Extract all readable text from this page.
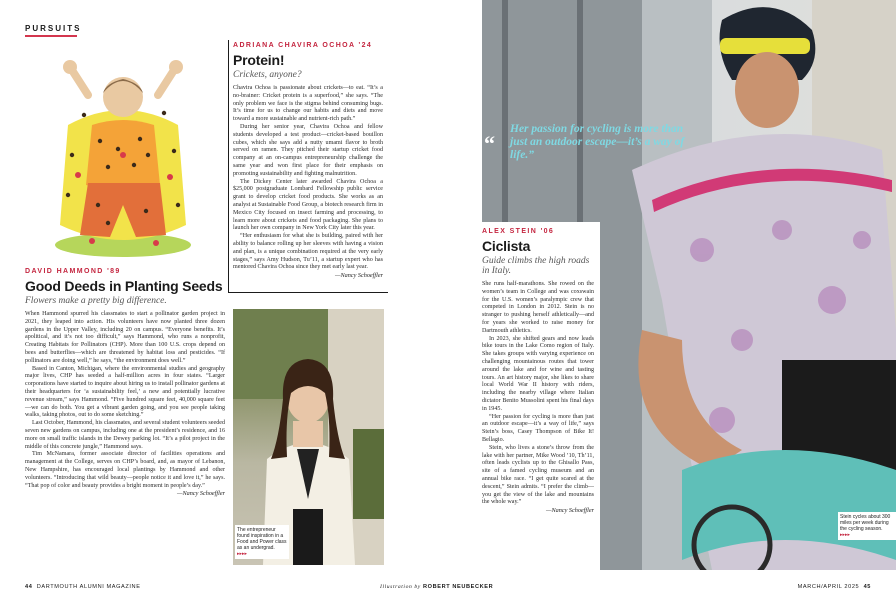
PURSUITS
DAVID HAMMOND '89
Good Deeds in Planting Seeds
Flowers make a pretty big difference.

When Hammond spurred his classmates to start a pollinator garden project in 2021, they leaped into action. His volunteers have now planted three dozen gardens in the Upper Valley, including 20 on campus. “Everyone benefits. It’s apolitical, and it’s not too difficult,” says Hammond, who runs a nonprofit, Creating Habitats for Pollinators (CHP). More than 100 U.S. crops depend on bees and butterflies—which are threatened by habitat loss and pesticides. “If pollinators are doing well,” he says, “the environment does well.”

Based in Canton, Michigan, where the environmental studies and geography major lives, CHP has seeded a half-million acres in four states. “Larger corporations have started to inquire about hiring us to install pollinator gardens at their headquarters for ‘a sustainability feel,’ a new and potentially lucrative revenue stream,” says Hammond. “Five hundred square feet, 40,000 square feet—we can do both. You get a vibrant garden going, and you see people taking walks, taking photos, out to do some sketching.”

Last October, Hammond, his classmates, and several student volunteers seeded seven new gardens on campus, including one at the president’s residence, and 16 more on small traffic islands in the Dewey parking lot. “It’s a pilot project in the middle of this concrete jungle,” Hammond says.

Tim McNamara, former associate director of facilities operations and management at the College, serves on CHP’s board, and, as mayor of Lebanon, New Hampshire, has encouraged local plantings by Hammond and other volunteers. “Introducing that wild beauty—people notice it and love it,” he says. “That pop of color and beauty provides a bright moment in people’s day.”

—Nancy Schoeffler
ADRIANA CHAVIRA OCHOA '24
Protein!
Crickets, anyone?

Chavira Ochoa is passionate about crickets—to eat. “It’s a no-brainer: Cricket protein is a superfood,” she says. “The only problem we face is the stigma behind consuming bugs. It’s time for us to change our habits and diets and move toward a more sustainable and nutrient-rich path.”

During her senior year, Chavira Ochoa and fellow students developed a test product—cricket-based bouillon cubes, which she says add a nutty umami flavor to broth served on ramen. They pitched their startup cricket food company at an on-campus entrepreneurship challenge the same year and won first place for their emphasis on promoting sustainability and fighting malnutrition.

The Dickey Center later awarded Chavira Ochoa a $25,000 postgraduate Lombard Fellowship public service grant to develop cricket food products. She works as an analyst at Sustainable Food Group, a biotech research firm in Mexico City focused on insect farming and processing, to learn more about crickets and food packaging. She plans to launch her own company in New York City later this year.

“Her enthusiasm for what she is building, paired with her ability to balance rolling up her sleeves with having a vision and plan, is a unique combination required at the very early stages,” says Amy Hudson, Tu’11, a startup expert who has mentored Chavira Ochoa since they met early last year.

—Nancy Schoeffler
The entrepreneur found inspiration in a Food and Power class as an undergrad.
▸▸▸▸
Stein cycles about 300 miles per week during the cycling season.
▸▸▸▸
“
Her passion for cycling is more than just an outdoor escape—it’s a way of life.”
ALEX STEIN '06
Ciclista
Guide climbs the high roads in Italy.

She runs half-marathons. She rowed on the women’s team in College and was coxswain for the U.S. women’s paralympic crew that competed in London in 2012. Stein is no stranger to pushing herself athletically—and for years she worked to raise money for Dartmouth athletics.

In 2023, she shifted gears and now leads bike tours in the Lake Como region of Italy. She takes groups with varying experience on challenging mountainous routes that tower around the lake and for wine and tasting tours. An art history major, she likes to share local World War II history with riders, including the nearby village where Italian dictator Benito Mussolini spent his final days in 1945.

“Her passion for cycling is more than just an outdoor escape—it’s a way of life,” says Stein’s boss, Casey Thompson of Bike It! Bellagio.

Stein, who lives a stone’s throw from the lake with her partner, Mike Wood ’10, Th’11, often leads cyclists up to the Ghisallo Pass, site of a famed cycling museum and an annual bike race. “I get quite scared at the descent,” Stein admits. “I prefer the climb—you get the view of the lake and mountains the whole way.”

—Nancy Schoeffler
44 DARTMOUTH ALUMNI MAGAZINE	Illustration by ROBERT NEUBECKER	MARCH/APRIL 2025 45
